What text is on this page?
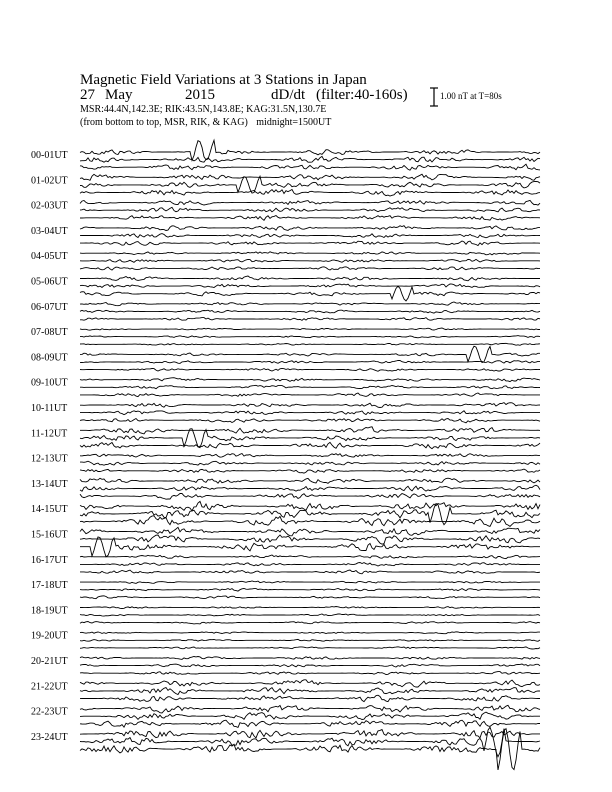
Magnetic Field Variations at 3 Stations in Japan
27 May	2015	dD/dt (filter:40-160s)
MSR:44.4N,142.3E; RIK:43.5N,143.8E; KAG:31.5N,130.7E
(from bottom to top, MSR, RIK, & KAG) midnight=1500UT
1.00 nT at T=80s
00-01UT
01-02UT
02-03UT
03-04UT
04-05UT
05-06UT
06-07UT
07-08UT
08-09UT
09-10UT
10-11UT
11-12UT
12-13UT
13-14UT
14-15UT
15-16UT
16-17UT
17-18UT
18-19UT
19-20UT
20-21UT
21-22UT
22-23UT
23-24UT
